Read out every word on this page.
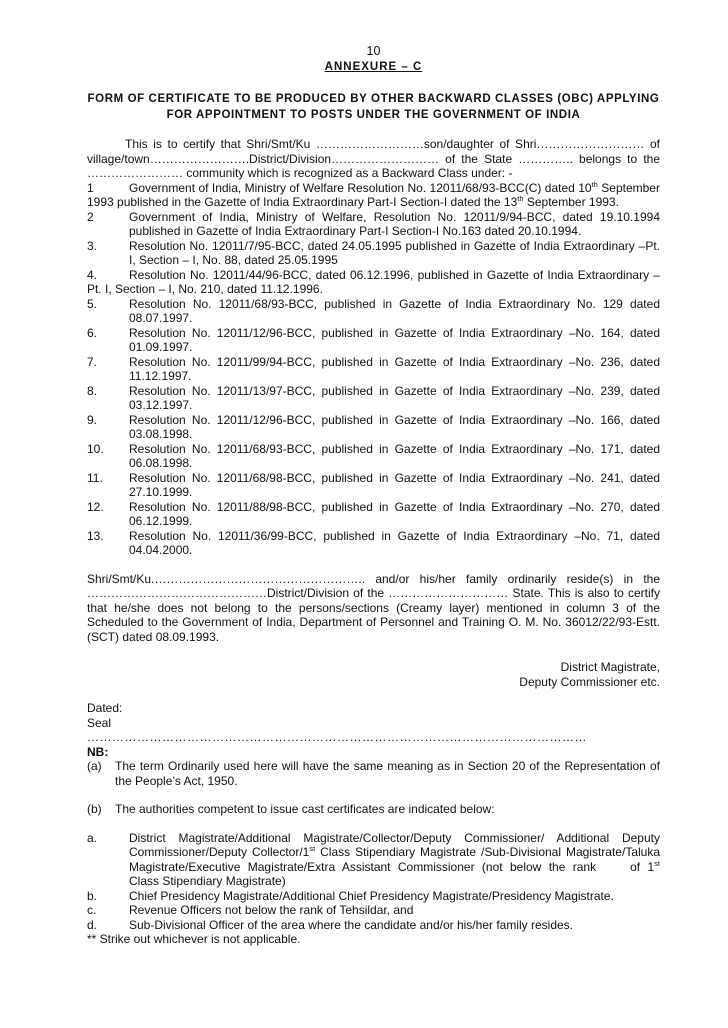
10
ANNEXURE – C
FORM OF CERTIFICATE TO BE PRODUCED BY OTHER BACKWARD CLASSES (OBC) APPLYING FOR APPOINTMENT TO POSTS UNDER THE GOVERNMENT OF INDIA
This is to certify that Shri/Smt/Ku ………………………son/daughter of Shri……………………… of village/town…………………….District/Division……………………… of the State ………….. belongs to the …………………… community which is recognized as a Backward Class under: -
1	Government of India, Ministry of Welfare Resolution No. 12011/68/93-BCC(C) dated 10th September 1993 published in the Gazette of India Extraordinary Part-I Section-I dated the 13th September 1993.
2	Government of India, Ministry of Welfare, Resolution No. 12011/9/94-BCC, dated 19.10.1994 published in Gazette of India Extraordinary Part-I Section-I No.163 dated 20.10.1994.
3.	Resolution No. 12011/7/95-BCC, dated 24.05.1995 published in Gazette of India Extraordinary –Pt. I, Section – I, No. 88, dated 25.05.1995
4.	Resolution No. 12011/44/96-BCC, dated 06.12.1996, published in Gazette of India Extraordinary – Pt. I, Section – I, No. 210, dated 11.12.1996.
5.	Resolution No. 12011/68/93-BCC, published in Gazette of India Extraordinary No. 129 dated 08.07.1997.
6.	Resolution No. 12011/12/96-BCC, published in Gazette of India Extraordinary –No. 164, dated 01.09.1997.
7.	Resolution No. 12011/99/94-BCC, published in Gazette of India Extraordinary –No. 236, dated 11.12.1997.
8.	Resolution No. 12011/13/97-BCC, published in Gazette of India Extraordinary –No. 239, dated 03.12.1997.
9.	Resolution No. 12011/12/96-BCC, published in Gazette of India Extraordinary –No. 166, dated 03.08.1998.
10.	Resolution No. 12011/68/93-BCC, published in Gazette of India Extraordinary –No. 171, dated 06.08.1998.
11.	Resolution No. 12011/68/98-BCC, published in Gazette of India Extraordinary –No. 241, dated 27.10.1999.
12.	Resolution No. 12011/88/98-BCC, published in Gazette of India Extraordinary –No. 270, dated 06.12.1999.
13.	Resolution No. 12011/36/99-BCC, published in Gazette of India Extraordinary –No. 71, dated 04.04.2000.
Shri/Smt/Ku.…………………………………………….. and/or his/her family ordinarily reside(s) in the ………………………………………District/Division of the ………………………… State. This is also to certify that he/she does not belong to the persons/sections (Creamy layer) mentioned in column 3 of the Scheduled to the Government of India, Department of Personnel and Training O. M. No. 36012/22/93-Estt. (SCT) dated 08.09.1993.
District Magistrate,
Deputy Commissioner etc.
Dated:
Seal
…………………………………………………………………………………………………………
NB:
(a)	The term Ordinarily used here will have the same meaning as in Section 20 of the Representation of the People’s Act, 1950.
(b)	The authorities competent to issue cast certificates are indicated below:
a.	District Magistrate/Additional Magistrate/Collector/Deputy Commissioner/ Additional Deputy Commissioner/Deputy Collector/1st Class Stipendiary Magistrate /Sub-Divisional Magistrate/Taluka Magistrate/Executive Magistrate/Extra Assistant Commissioner (not below the rank	of 1st Class Stipendiary Magistrate)
b.	Chief Presidency Magistrate/Additional Chief Presidency Magistrate/Presidency Magistrate.
c.	Revenue Officers not below the rank of Tehsildar, and
d.	Sub-Divisional Officer of the area where the candidate and/or his/her family resides.
** Strike out whichever is not applicable.
